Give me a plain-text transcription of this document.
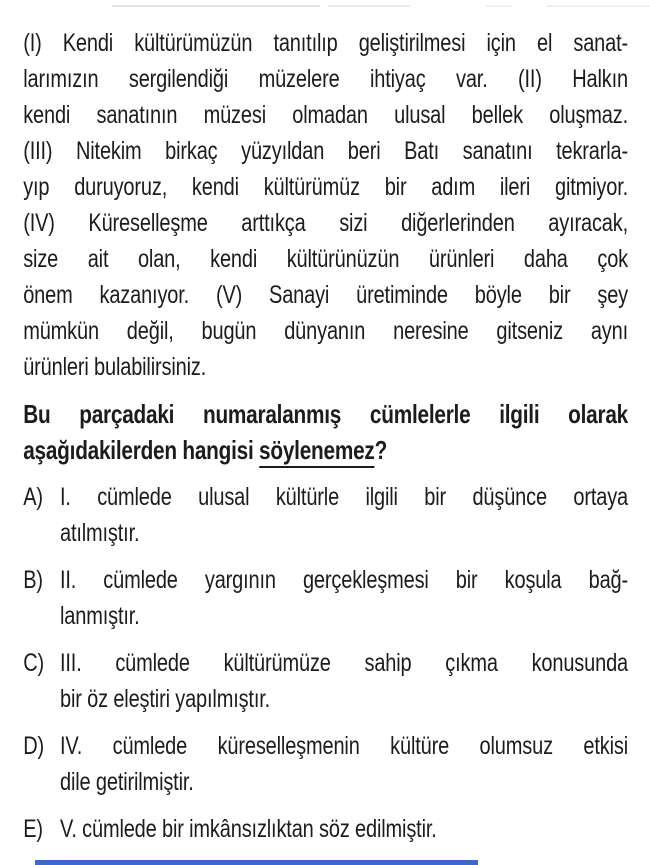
(I) Kendi kültürümüzün tanıtılıp geliştirilmesi için el sanat-
larımızın sergilendiği müzelere ihtiyaç var. (II) Halkın
kendi sanatının müzesi olmadan ulusal bellek oluşmaz.
(III) Nitekim birkaç yüzyıldan beri Batı sanatını tekrarla-
yıp duruyoruz, kendi kültürümüz bir adım ileri gitmiyor.
(IV) Küreselleşme arttıkça sizi diğerlerinden ayıracak,
size ait olan, kendi kültürünüzün ürünleri daha çok
önem kazanıyor. (V) Sanayi üretiminde böyle bir şey
mümkün değil, bugün dünyanın neresine gitseniz aynı
ürünleri bulabilirsiniz.
Bu parçadaki numaralanmış cümlelerle ilgili olarak
aşağıdakilerden hangisi söylenemez?
A) I. cümlede ulusal kültürle ilgili bir düşünce ortaya
atılmıştır.
B) II. cümlede yargının gerçekleşmesi bir koşula bağ-
lanmıştır.
C) III. cümlede kültürümüze sahip çıkma konusunda
bir öz eleştiri yapılmıştır.
D) IV. cümlede küreselleşmenin kültüre olumsuz etkisi
dile getirilmiştir.
E) V. cümlede bir imkânsızlıktan söz edilmiştir.
